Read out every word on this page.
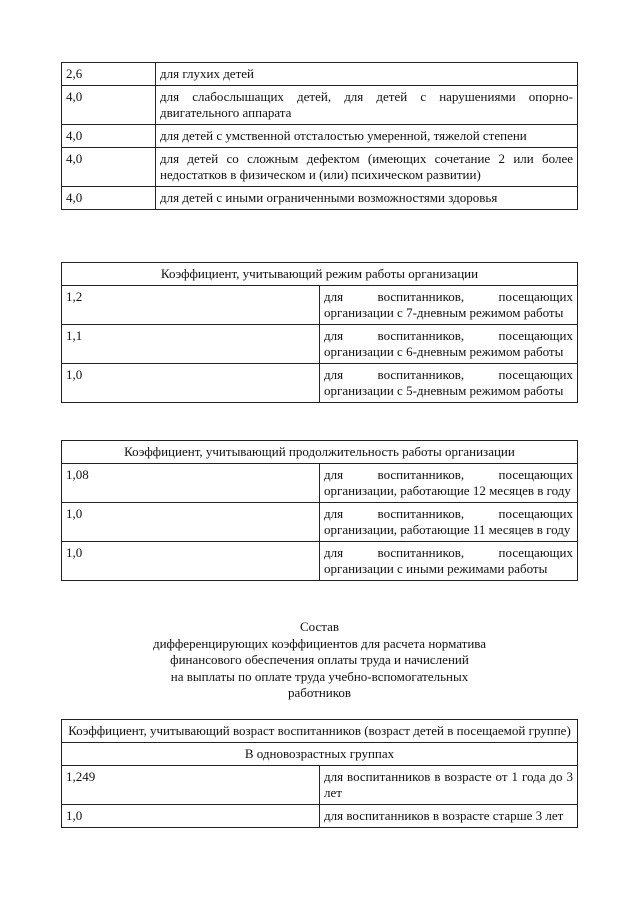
2,6	для глухих детей
4,0	для слабослышащих детей, для детей с нарушениями опорно-двигательного аппарата
4,0	для детей с умственной отсталостью умеренной, тяжелой степени
4,0	для детей со сложным дефектом (имеющих сочетание 2 или более недостатков в физическом и (или) психическом развитии)
4,0	для детей с иными ограниченными возможностями здоровья
Коэффициент, учитывающий режим работы организации	
1,2	для воспитанников, посещающих организации с 7-дневным режимом работы
1,1	для воспитанников, посещающих организации с 6-дневным режимом работы
1,0	для воспитанников, посещающих организации с 5-дневным режимом работы
Коэффициент, учитывающий продолжительность работы организации	
1,08	для воспитанников, посещающих организации, работающие 12 месяцев в году
1,0	для воспитанников, посещающих организации, работающие 11 месяцев в году
1,0	для воспитанников, посещающих организации с иными режимами работы
Состав
дифференцирующих коэффициентов для расчета норматива
финансового обеспечения оплаты труда и начислений
на выплаты по оплате труда учебно-вспомогательных
работников
Коэффициент, учитывающий возраст воспитанников (возраст детей в посещаемой группе)	
В одновозрастных группах	
1,249	для воспитанников в возрасте от 1 года до 3 лет
1,0	для воспитанников в возрасте старше 3 лет
